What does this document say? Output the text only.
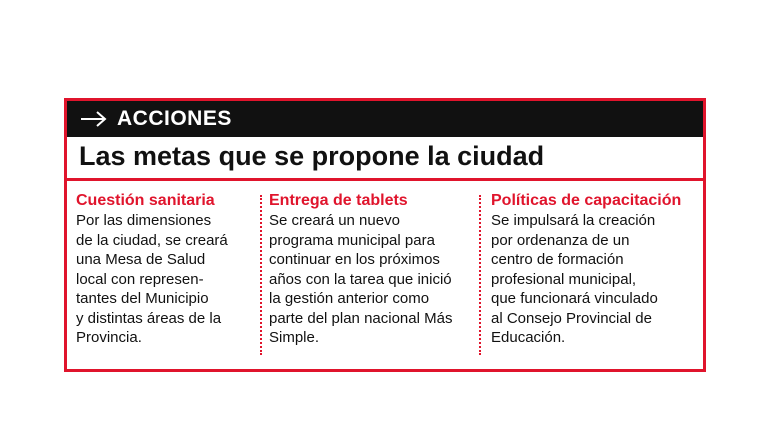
ACCIONES
Las metas que se propone la ciudad
Cuestión sanitaria
Por las dimensiones
de la ciudad, se creará
una Mesa de Salud
local con represen-
tantes del Municipio
y distintas áreas de la
Provincia.
Entrega de tablets
Se creará un nuevo
programa municipal para
continuar en los próximos
años con la tarea que inició
la gestión anterior como
parte del plan nacional Más
Simple.
Políticas de capacitación
Se impulsará la creación
por ordenanza de un
centro de formación
profesional municipal,
que funcionará vinculado
al Consejo Provincial de
Educación.
